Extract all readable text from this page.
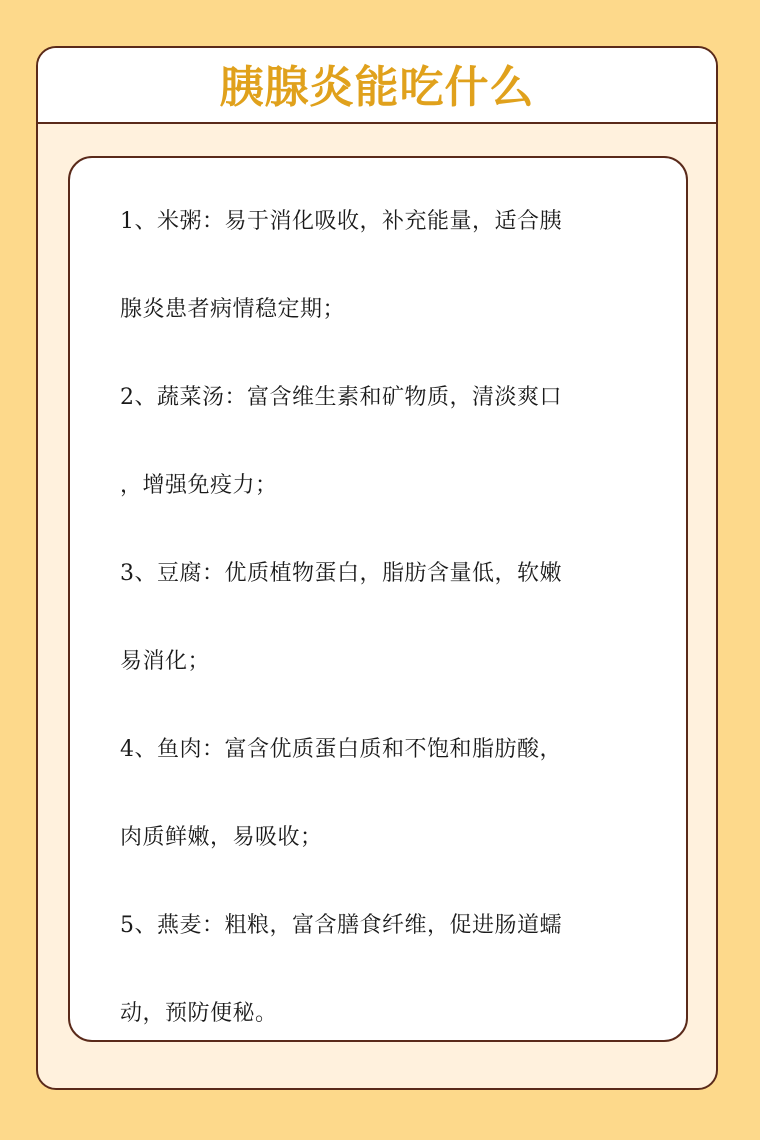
胰腺炎能吃什么
1、米粥：易于消化吸收，补充能量，适合胰
腺炎患者病情稳定期；
2、蔬菜汤：富含维生素和矿物质，清淡爽口
，增强免疫力；
3、豆腐：优质植物蛋白，脂肪含量低，软嫩
易消化；
4、鱼肉：富含优质蛋白质和不饱和脂肪酸，
肉质鲜嫩，易吸收；
5、燕麦：粗粮，富含膳食纤维，促进肠道蠕
动，预防便秘。
